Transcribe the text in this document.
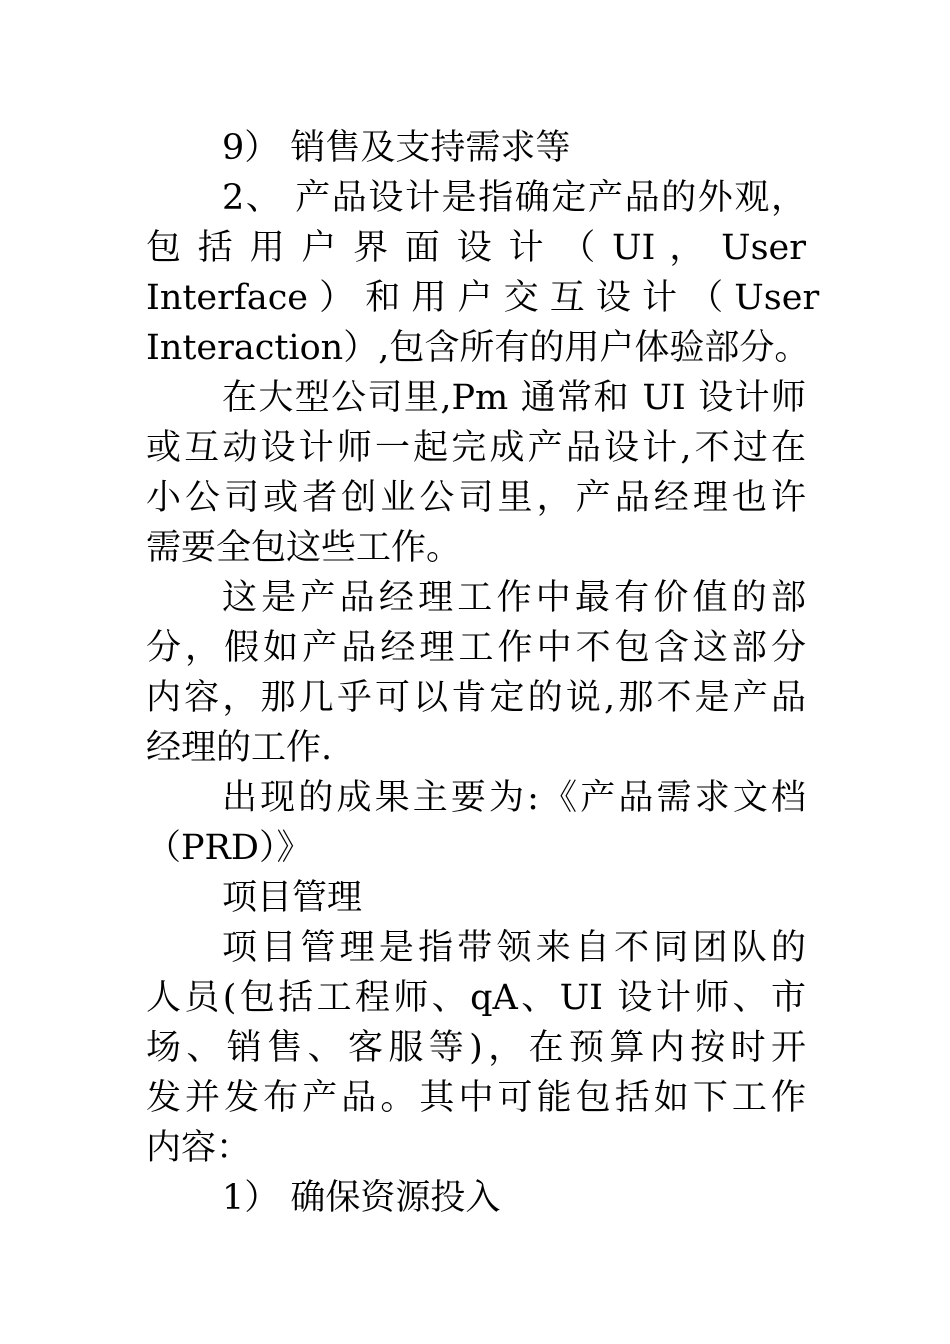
9） 销售及支持需求等
2、 产品设计是指确定产品的外观，
包 括 用 户 界 面 设 计 （ UI ， User
Interface ） 和 用 户 交 互 设 计 （ User
Interaction）,包含所有的用户体验部分。
在大型公司里,Pm 通常和 UI 设计师
或互动设计师一起完成产品设计,不过在
小公司或者创业公司里，产品经理也许
需要全包这些工作。
这是产品经理工作中最有价值的部
分，假如产品经理工作中不包含这部分
内容，那几乎可以肯定的说,那不是产品
经理的工作.
出现的成果主要为:《产品需求文档
（PRD）》
项目管理
项目管理是指带领来自不同团队的
人员(包括工程师、qA、UI 设计师、市
场、销售、客服等)，在预算内按时开
发并发布产品。其中可能包括如下工作
内容：
1） 确保资源投入
